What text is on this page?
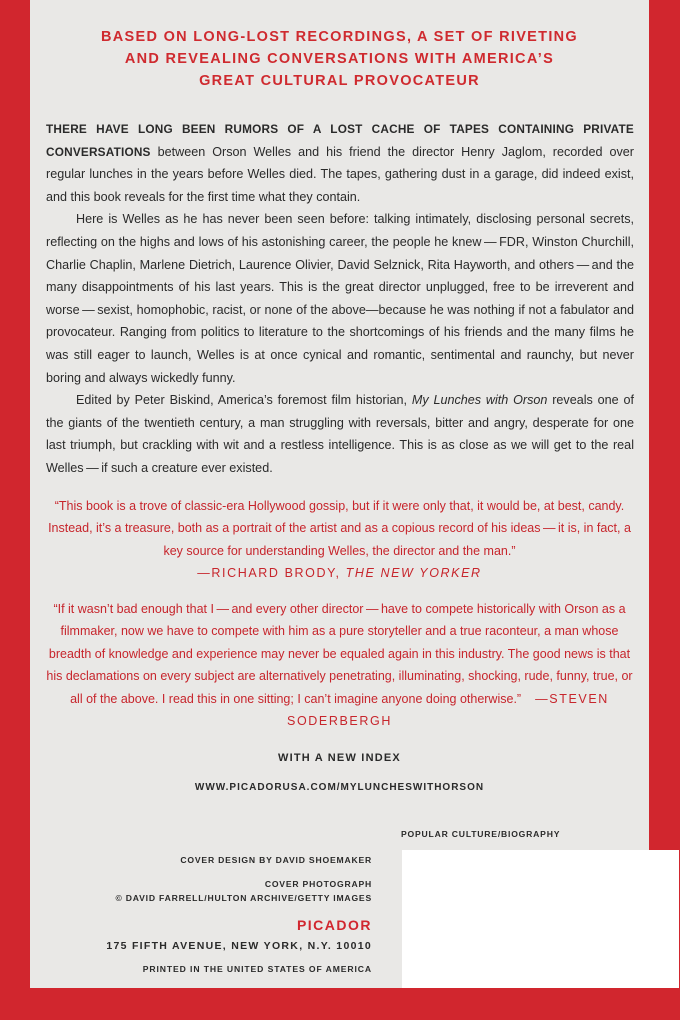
BASED ON LONG-LOST RECORDINGS, A SET OF RIVETING
AND REVEALING CONVERSATIONS WITH AMERICA’S
GREAT CULTURAL PROVOCATEUR

THERE HAVE LONG BEEN RUMORS OF A LOST CACHE OF TAPES CONTAINING PRIVATE CONVERSATIONS between Orson Welles and his friend the director Henry Jaglom, recorded over regular lunches in the years before Welles died. The tapes, gathering dust in a garage, did indeed exist, and this book reveals for the first time what they contain.

Here is Welles as he has never been seen before: talking intimately, disclosing personal secrets, reflecting on the highs and lows of his astonishing career, the people he knew — FDR, Winston Churchill, Charlie Chaplin, Marlene Dietrich, Laurence Olivier, David Selznick, Rita Hayworth, and others — and the many disappointments of his last years. This is the great director unplugged, free to be irreverent and worse — sexist, homophobic, racist, or none of the above—because he was nothing if not a fabulator and provocateur. Ranging from politics to literature to the shortcomings of his friends and the many films he was still eager to launch, Welles is at once cynical and romantic, sentimental and raunchy, but never boring and always wickedly funny.

Edited by Peter Biskind, America’s foremost film historian, My Lunches with Orson reveals one of the giants of the twentieth century, a man struggling with reversals, bitter and angry, desperate for one last triumph, but crackling with wit and a restless intelligence. This is as close as we will get to the real Welles — if such a creature ever existed.

“This book is a trove of classic-era Hollywood gossip, but if it were only that, it would be, at best, candy. Instead, it’s a treasure, both as a portrait of the artist and as a copious record of his ideas — it is, in fact, a key source for understanding Welles, the director and the man.”
—RICHARD BRODY, THE NEW YORKER
“If it wasn’t bad enough that I — and every other director — have to compete historically with Orson as a filmmaker, now we have to compete with him as a pure storyteller and a true raconteur, a man whose breadth of knowledge and experience may never be equaled again in this industry. The good news is that his declamations on every subject are alternatively penetrating, illuminating, shocking, rude, funny, true, or all of the above. I read this in one sitting; I can’t imagine anyone doing otherwise.” —STEVEN SODERBERGH
WITH A NEW INDEX
WWW.PICADORUSA.COM/MYLUNCHESWITHORSON
POPULAR CULTURE/BIOGRAPHY
COVER DESIGN BY DAVID SHOEMAKER
COVER PHOTOGRAPH
© DAVID FARRELL/HULTON ARCHIVE/GETTY IMAGES
PICADOR
175 FIFTH AVENUE, NEW YORK, N.Y. 10010
PRINTED IN THE UNITED STATES OF AMERICA
